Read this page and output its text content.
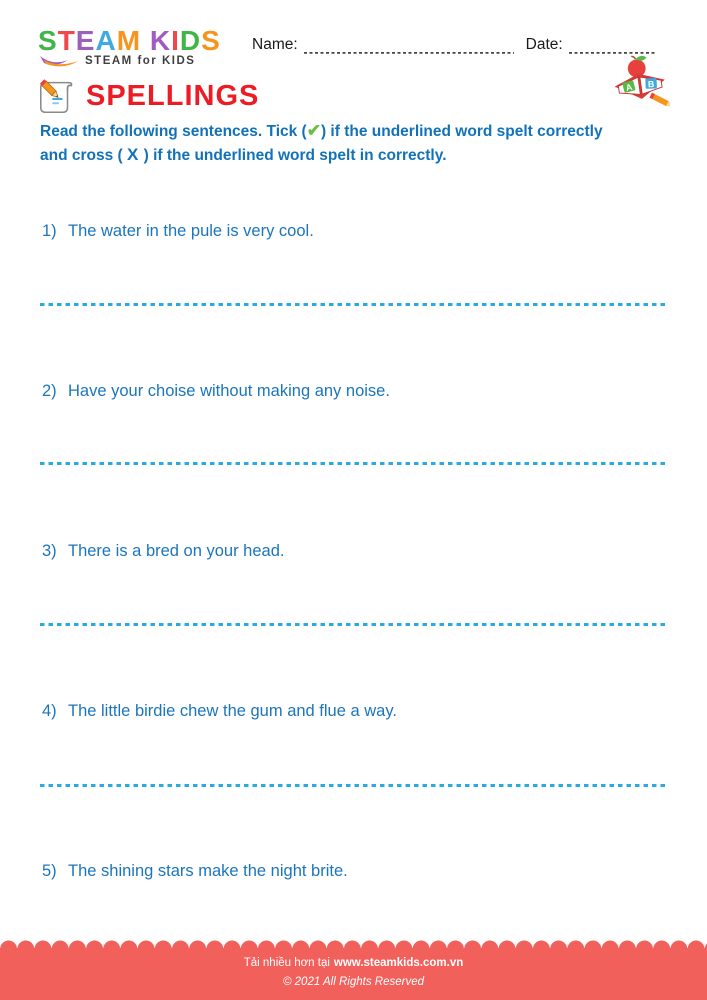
STEAM KIDS
STEAM for KIDS
Name:	Date:
A B
SPELLINGS
Read the following sentences. Tick (✔) if the underlined word spelt correctly
and cross ( X ) if the underlined word spelt in correctly.
1) The water in the pule is very cool.
2) Have your choise without making any noise.
3) There is a bred on your head.
4) The little birdie chew the gum and flue a way.
5) The shining stars make the night brite.
Tải nhiều hơn tại www.steamkids.com.vn
© 2021 All Rights Reserved
